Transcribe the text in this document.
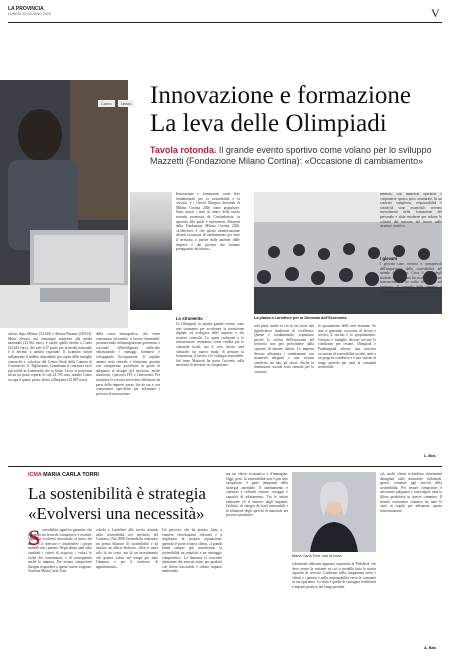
LA PROVINCIA
LUNEDÌ 30 GIUGNO 2025	V
Como	Lecco Innovazione e formazione
La leva delle Olimpiadi
Tavola rotonda. Il grande evento sportivo come volano per lo sviluppo
Mazzetti (Fondazione Milano Cortina): «Occasione di cambiamento»
sultato dopo Milano (34.340) e Monza-Brianza (28.814). Meno elevato, ma comunque superiore alla media nazionale (23.662 euro), è anche quello medio a Como (24.243 euro), che vale il 2° posto per la media nazionale e il decimo a ambito regionale. Il ricambio fattori influenzano il reddito disponibile pro capite delle famiglie comasche e, calcolato dal Centro Studi della Camera di Commercio, G. Tagliacarne, Lomabrana si conferma tra le più solide in Lombardia che in Italia: Lecco si posiziona ad un tra posto reperio le con 24.705 euro, mentre Como occupa il quarto posto, dietro a Bergamo (23.887 euro).
della curva demografica, che viene contrastata favorendo il lavoro femminile, promuovendo un'immigrazione governata, e corrondo all'intelligenza artificiale valorizzando i vantaggi formativi e sviluppando l'occupazione. Il capitale umano resta centrale e formiamo giovani con competenze qualificate in grado di adeguarsi ai bisogni del territorio, anche attraverso i percorsi ITS e l'università. Per sostenere la crescita serve una riflessione da parte delle imprese stesse, fin da ora e con competenze specifiche per affrontare i processi di innovazione.
Innovazione e formazione come leve fondamentali per la sostenibilità e la crescita, e i Giochi Olimpici Invernali di Milano Cortina 2026 come propulsore. Sono questi i temi al centro della tavola rotonda promossa da Confindustria, in apertura alla quale è intervenuto Mazzetti della Fondazione Milano Cortina 2026. «L'obiettivo è che questo manifestazione diventi occasione di cambiamento per tutto il territorio, a partire dalle aziende, dalle imprese e dai giovani che saranno protagonisti del futuro».
La platea a Lariofiere per la Giornata dell'Economia
Lo strumento
Le Olimpiadi, in quanto grande evento, sono uno strumento per accelerare la transizione digitale ed ecologica delle imprese e dei territori coinvolti. Le opere realizzate e le infrastrutture resteranno come eredità per le comunità locali, ma il vero lascito sarà culturale: un nuovo modo di pensare la formazione, il lavoro e lo sviluppo sostenibile. Sul tema Mazzetti ha posto l'accento sulla necessità di investire in competenze.
sola parte, anche in ciò in cui esiste una significativa tradizione di eccellenza. Questo è fondamentale, soprattutto perché la cresita dell'economia del territorio non può prescindere dalla capacità di attrarre talenti. Le imprese devono affrontare i cambiamenti con strumenti adeguati e una visione condivisa tra tutti gli attori. Anche la dimensione sociale resta centrale per la coesione.
lo spostamento delle aree montane. Se non si generano occasioni di lavoro e servizi, il rischio è lo spopolamento. Giovani e famiglie devono trovare le condizioni per restare. Olimpiadi e Paralimpiadi offrono una concreta occasione di sostenibilità sociale, uniti a un progetto condiviso e a una visione di lungo periodo per tutta la comunità territoriale.
mentato, con numerosi operatori e cooperative spesso poco strutturate. In un contesto complesso, responsabilità e creatività sono essenziali: servono investimenti nella formazione del personale e sfide moderne per ridurre le criticità del mercato del lavoro nelle strutture ricettive.
I giovani
I giovani sono ricettivi e consapevoli dell'importanza della sostenibilità nel mondo del lavoro. Circa il 25% degli studenti nei due anni ha svolto esperienze internazionali e ha scelto di tornare sul territorio. Il compito delle imprese è trattenerli con prospettive solide e percorsi di crescita concreti.
L. Bos
ICMA MARIA CARLA TORRI
La sostenibilità è strategia
«Evolversi una necessità»
S ostenibilità significa garantire che l'azienda sia in modo competitivo e reattiva. Significa evolversi innovando al ritmo dei tempi e il mercato e condividere i propri modelli con i partner. Negli ultimi anni sono cambiati i criteri di acquisto, i valori, le scelte dei consumatori, e di conseguenza anche le imprese. Per restare competitive bisogna rispondere a queste nuove esigenze. Sostiene Maria Carla Torri.
coloda a Lariofiere alla tavola rotonda sulla sostenibilità nel territorio del Comasco. Nel 2008 l'azienda ha realizzato un primo bilancio di sostenibilità e ha istituito un ufficio dedicato. «Non si tratta solo di un costo, ma di un investimento che genera valore nel tempo per tutta l'impresa e per il territorio di appartenenza».
Un percorso che ha portato Icma a ottenere certificazioni rilevanti e a migliorare la propria reputazione, aprendo le porte a nuovi clienti. «I grandi brand sempre più considerano la sostenibilità un requisito e un vantaggio competitivo». Lo dimostra la crescente attenzione dei mercati esteri per prodotti con filiera tracciabile e ridotto impatto ambientale.
ma un valore economico e d'immagine. Oggi, però, la sostenibilità non è più solo un'opzione: è parte integrante della strategia aziendale. Il cambiamento è continuo e richiede visione, coraggio e capacità di adattamento. Tra le azioni realizzate c'è il rinnovo degli impianti, l'utilizzo di energia da fonti rinnovabili e la riduzione degli sprechi di materiale nei processi produttivi.
Maria Carla Torri, ceo di Icma
colarmente abbiamo appurato sopratutto la 'Pedaleria' che deve essere la variante su cui si modella tutta la nostra capacità di crescita. Crediamo nella trasparenza verso i clienti e i partner e nella responsabilità verso le comunità in cui operiamo. La sfida è quella di coniugare redditività e impatto positivo nel lungo periodo.
ciò, molti clienti richiedono chiarimenti dettagliati sulle normative collaterali, spesso connesse agli articoli della sostenibilità. Per restare competitivi è necessario adeguarsi e coinvolgere tutta la filiera produttiva in questo cammino. Il tessuto economico comasco ha tutte le carte in regola per affrontare questa trasformazione.
A. Bas
